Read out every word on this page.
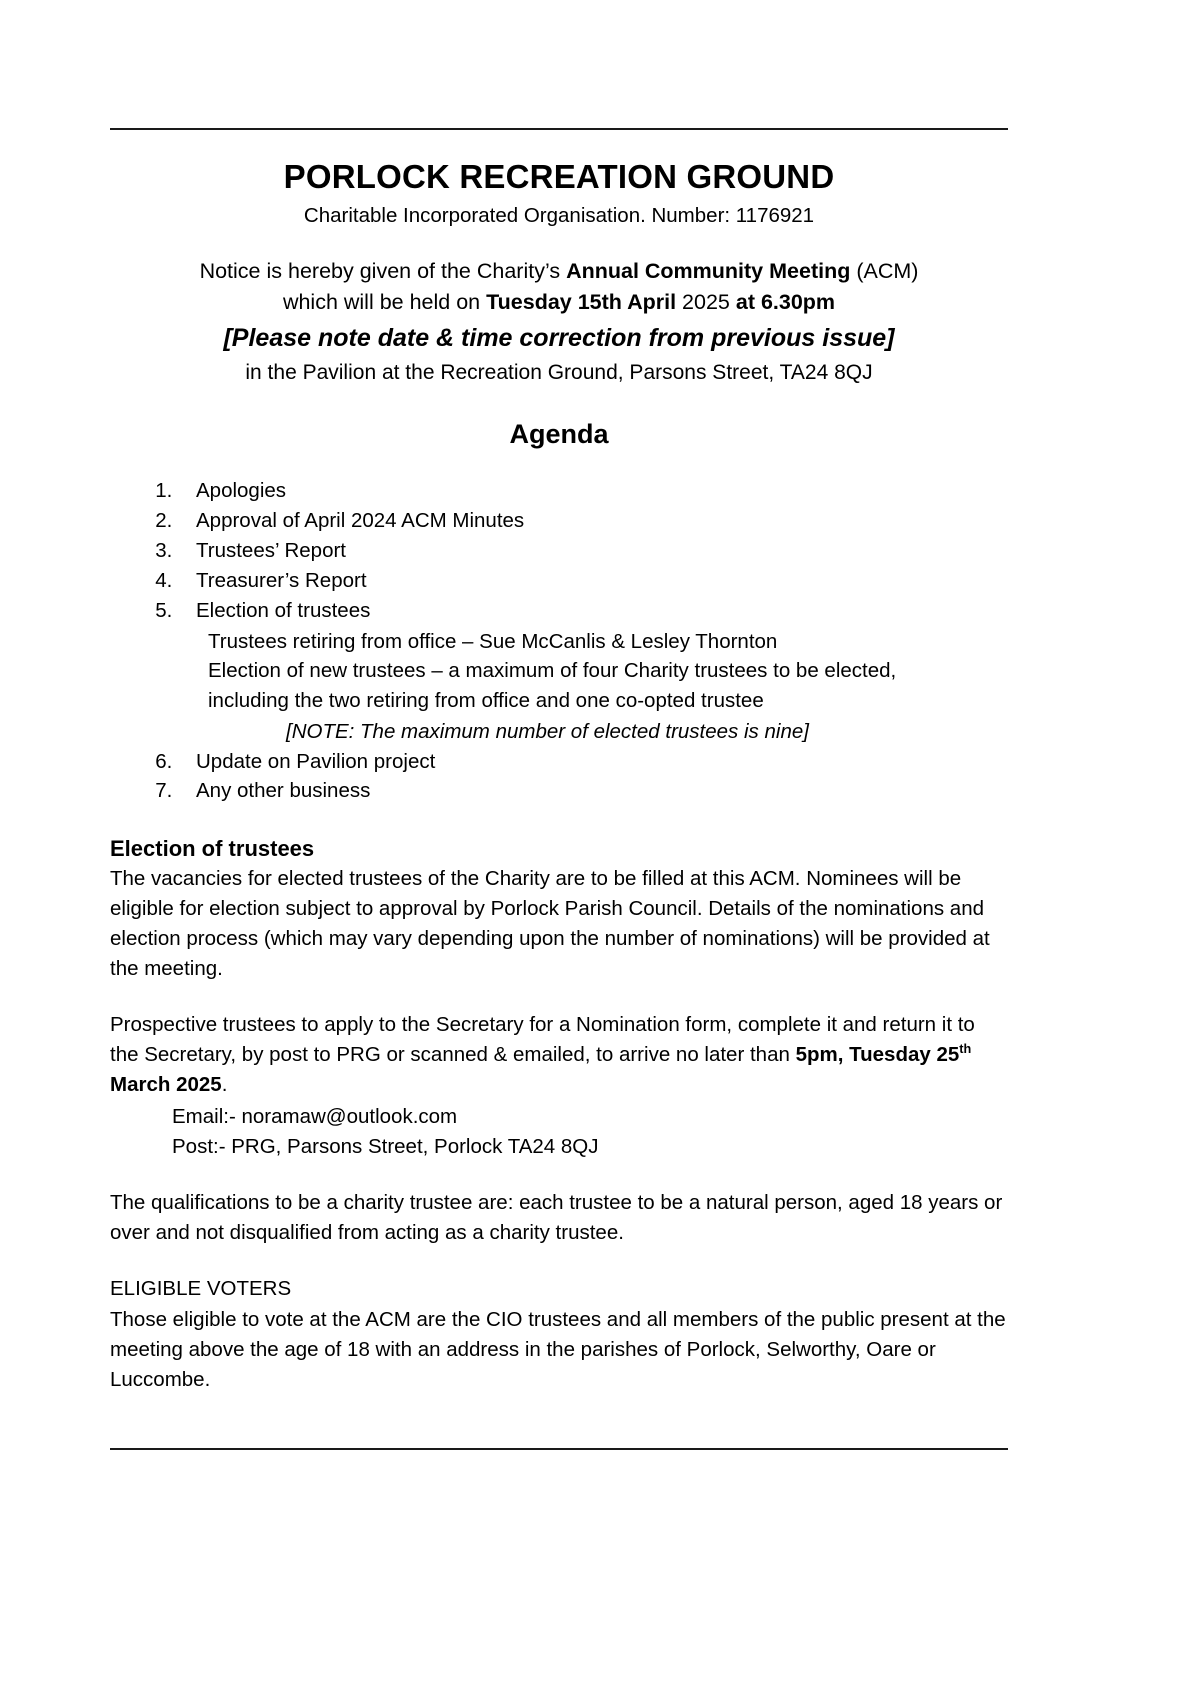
PORLOCK RECREATION GROUND
Charitable Incorporated Organisation. Number: 1176921
Notice is hereby given of the Charity’s Annual Community Meeting (ACM)
which will be held on Tuesday 15th April 2025 at 6.30pm
[Please note date & time correction from previous issue]
in the Pavilion at the Recreation Ground, Parsons Street, TA24 8QJ
Agenda
1. Apologies
2. Approval of April 2024 ACM Minutes
3. Trustees’ Report
4. Treasurer’s Report
5. Election of trustees
Trustees retiring from office – Sue McCanlis & Lesley Thornton
Election of new trustees – a maximum of four Charity trustees to be elected,
including the two retiring from office and one co-opted trustee
[NOTE: The maximum number of elected trustees is nine]
6. Update on Pavilion project
7. Any other business
Election of trustees

The vacancies for elected trustees of the Charity are to be filled at this ACM. Nominees will be eligible for election subject to approval by Porlock Parish Council. Details of the nominations and election process (which may vary depending upon the number of nominations) will be provided at the meeting.

Prospective trustees to apply to the Secretary for a Nomination form, complete it and return it to the Secretary, by post to PRG or scanned & emailed, to arrive no later than 5pm, Tuesday 25th March 2025.

Email:- noramaw@outlook.com
Post:- PRG, Parsons Street, Porlock TA24 8QJ

The qualifications to be a charity trustee are: each trustee to be a natural person, aged 18 years or over and not disqualified from acting as a charity trustee.

ELIGIBLE VOTERS

Those eligible to vote at the ACM are the CIO trustees and all members of the public present at the meeting above the age of 18 with an address in the parishes of Porlock, Selworthy, Oare or Luccombe.
